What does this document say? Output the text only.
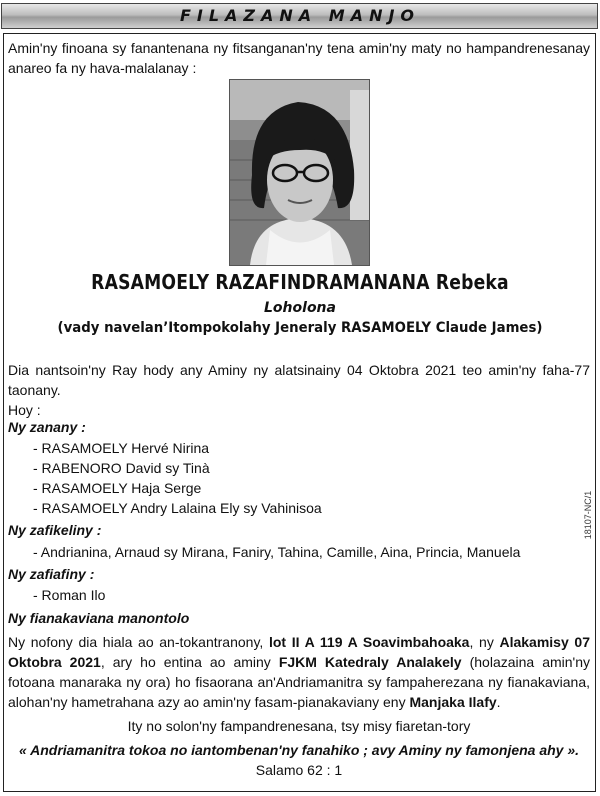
FILAZANA MANJO
18107-NC/1
Amin'ny finoana sy fanantenana ny fitsanganan'ny tena amin'ny maty no hampandrenesanay anareo fa ny hava-malalanay :
RASAMOELY RAZAFINDRAMANANA Rebeka
Loholona
(vady navelan’Itompokolahy Jeneraly RASAMOELY Claude James)
Dia nantsoin'ny Ray hody any Aminy ny alatsinainy 04 Oktobra 2021 teo amin'ny faha-77 taonany.
Hoy :
Ny zanany :
- RASAMOELY Hervé Nirina
- RABENORO David sy Tinà
- RASAMOELY Haja Serge
- RASAMOELY Andry Lalaina Ely sy Vahinisoa
Ny zafikeliny :
- Andrianina, Arnaud sy Mirana, Faniry, Tahina, Camille, Aina, Princia, Manuela
Ny zafiafiny :
- Roman Ilo
Ny fianakaviana manontolo
Ny nofony dia hiala ao an-tokantranony, lot II A 119 A Soavimbahoaka, ny Alakamisy 07 Oktobra 2021, ary ho entina ao aminy FJKM Katedraly Analakely (holazaina amin'ny fotoana manaraka ny ora) ho fisaorana an'Andriamanitra sy fampaherezana ny fianakaviana, alohan'ny hametrahana azy ao amin'ny fasam-pianakaviany eny Manjaka Ilafy.
Ity no solon'ny fampandrenesana, tsy misy fiaretan-tory
« Andriamanitra tokoa no iantombenan'ny fanahiko ; avy Aminy ny famonjena ahy ».
Salamo 62 : 1
